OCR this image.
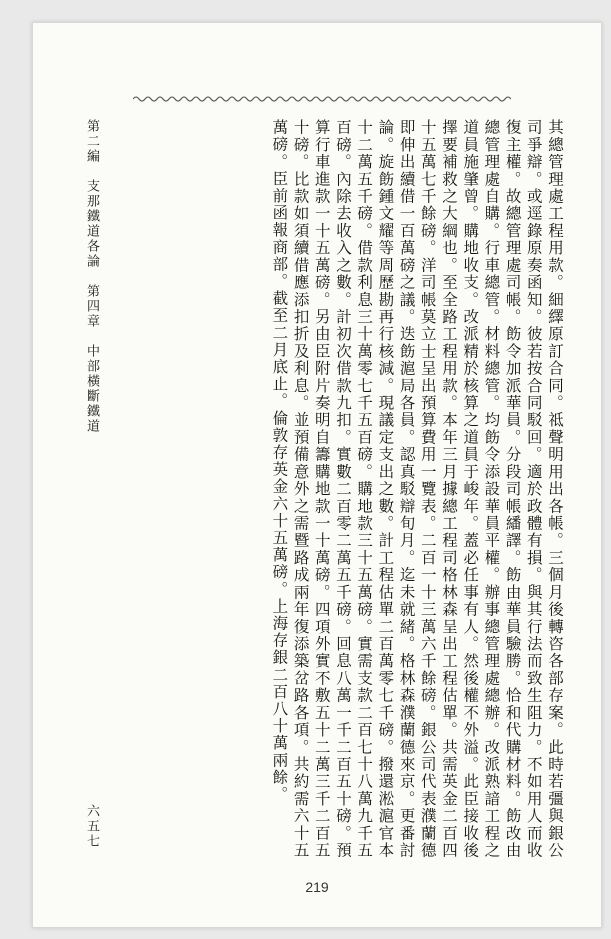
其總管理處工程用款。細繹原訂合同。祗聲明用出各帳。三個月後轉咨各部存案。此時若彊與銀公司爭辯。或逕錄原奏函知。彼若按合同駁回。適於政體有損。與其行法而致生阻力。不如用人而收復主權。故總管理處司帳。飭令加派華員。分段司帳繙譯。飭由華員驗勝。恰和代購材料。飭改由總管理處自購。行車總管。材料總管。均飭令添設華員平權。辦事總管理處總辦。改派熟諳工程之道員施肇曾。購地收支。改派精於核算之道員于峻年。蓋必任事有人。然後權不外溢。此臣接收後擇要補救之大綱也。至全路工程用款。本年三月據總工程司格林森呈出工程估單。共需英金二百四十五萬七千餘磅。洋司帳莫立士呈出預算費用一覽表。二百一十三萬六千餘磅。銀公司代表濮蘭德即伸出續借一百萬磅之議。迭飭滬局各員。認真駁辯旬月。迄未就緒。格林森濮蘭德來京。更番討論。旋飭鍾文耀等周歷勘再行核減。現議定支出之數。計工程估單二百萬零七千磅。撥還淞滬官本十二萬五千磅。借款利息三十萬零七千五百磅。購地款三十五萬磅。實需支款二百七十八萬九千五百磅。內除去收入之數。計初次借款九扣。實數二百零二萬五千磅。回息八萬一千二百五十磅。預算行車進款一十五萬磅。另由臣附片奏明自籌購地款一十萬磅。四項外實不敷五十二萬三千二百五十磅。比款如須續借應添扣折及利息。並預備意外之需暨路成兩年復添築岔路各項。共約需六十五萬磅。臣前函報商部。截至二月底止。倫敦存英金六十五萬磅。上海存銀二百八十萬兩餘。

第二編　支那鐵道各論　第四章　中部橫斷鐵道
六五七
219
